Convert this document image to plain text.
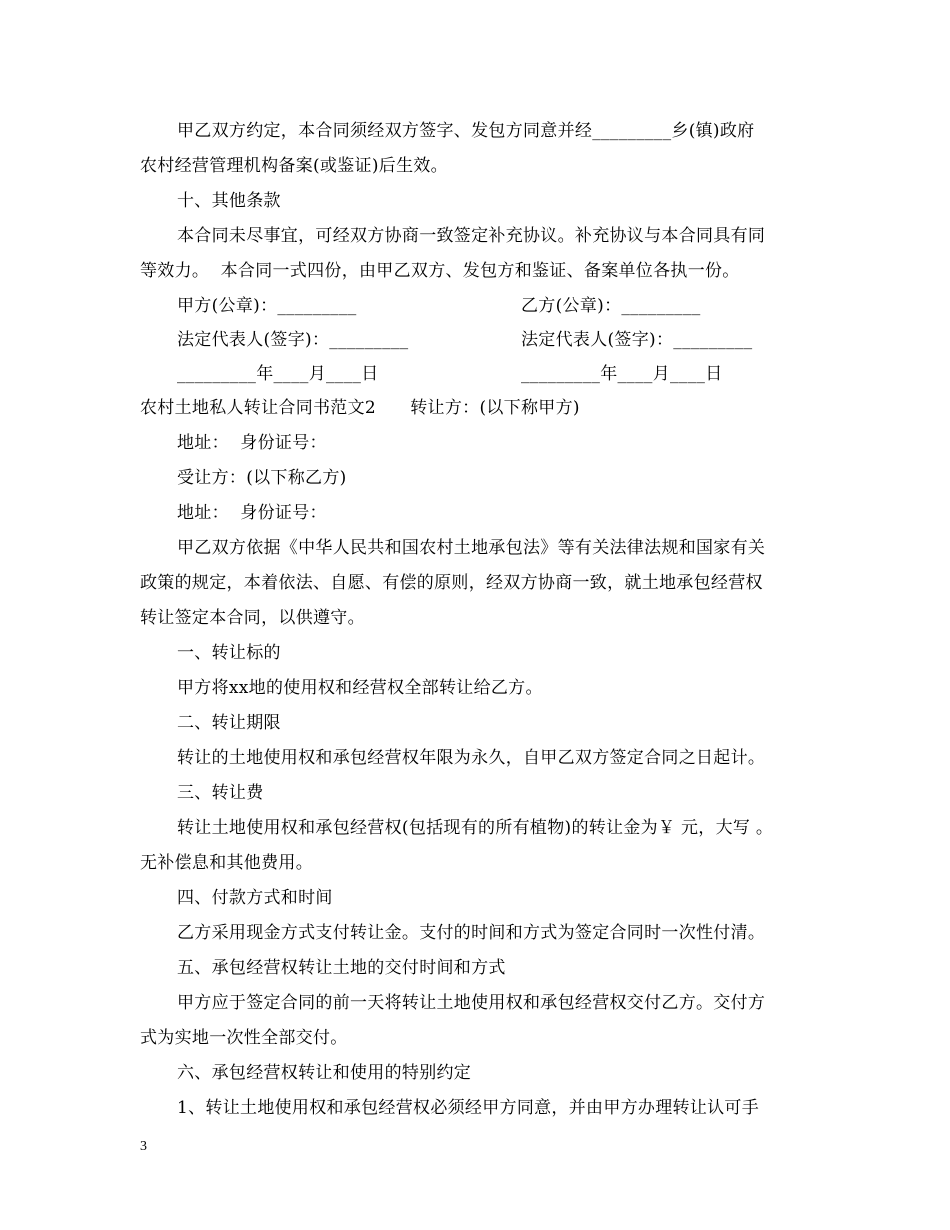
甲乙双方约定，本合同须经双方签字、发包方同意并经_________乡(镇)政府
农村经营管理机构备案(或鉴证)后生效。
十、其他条款
本合同未尽事宜，可经双方协商一致签定补充协议。补充协议与本合同具有同
等效力。  本合同一式四份，由甲乙双方、发包方和鉴证、备案单位各执一份。
甲方(公章)：_________	乙方(公章)：_________
法定代表人(签字)：_________	法定代表人(签字)：_________
_________年____月____日	_________年____月____日
农村土地私人转让合同书范文2      转让方：(以下称甲方)
地址：  身份证号：
受让方：(以下称乙方)
地址：  身份证号：
甲乙双方依据《中华人民共和国农村土地承包法》等有关法律法规和国家有关
政策的规定，本着依法、自愿、有偿的原则，经双方协商一致，就土地承包经营权
转让签定本合同，以供遵守。
一、转让标的
甲方将xx地的使用权和经营权全部转让给乙方。
二、转让期限
转让的土地使用权和承包经营权年限为永久，自甲乙双方签定合同之日起计。
三、转让费
转让土地使用权和承包经营权(包括现有的所有植物)的转让金为￥ 元，大写 。
无补偿息和其他费用。
四、付款方式和时间
乙方采用现金方式支付转让金。支付的时间和方式为签定合同时一次性付清。
五、承包经营权转让土地的交付时间和方式
甲方应于签定合同的前一天将转让土地使用权和承包经营权交付乙方。交付方
式为实地一次性全部交付。
六、承包经营权转让和使用的特别约定
1、转让土地使用权和承包经营权必须经甲方同意，并由甲方办理转让认可手
3
